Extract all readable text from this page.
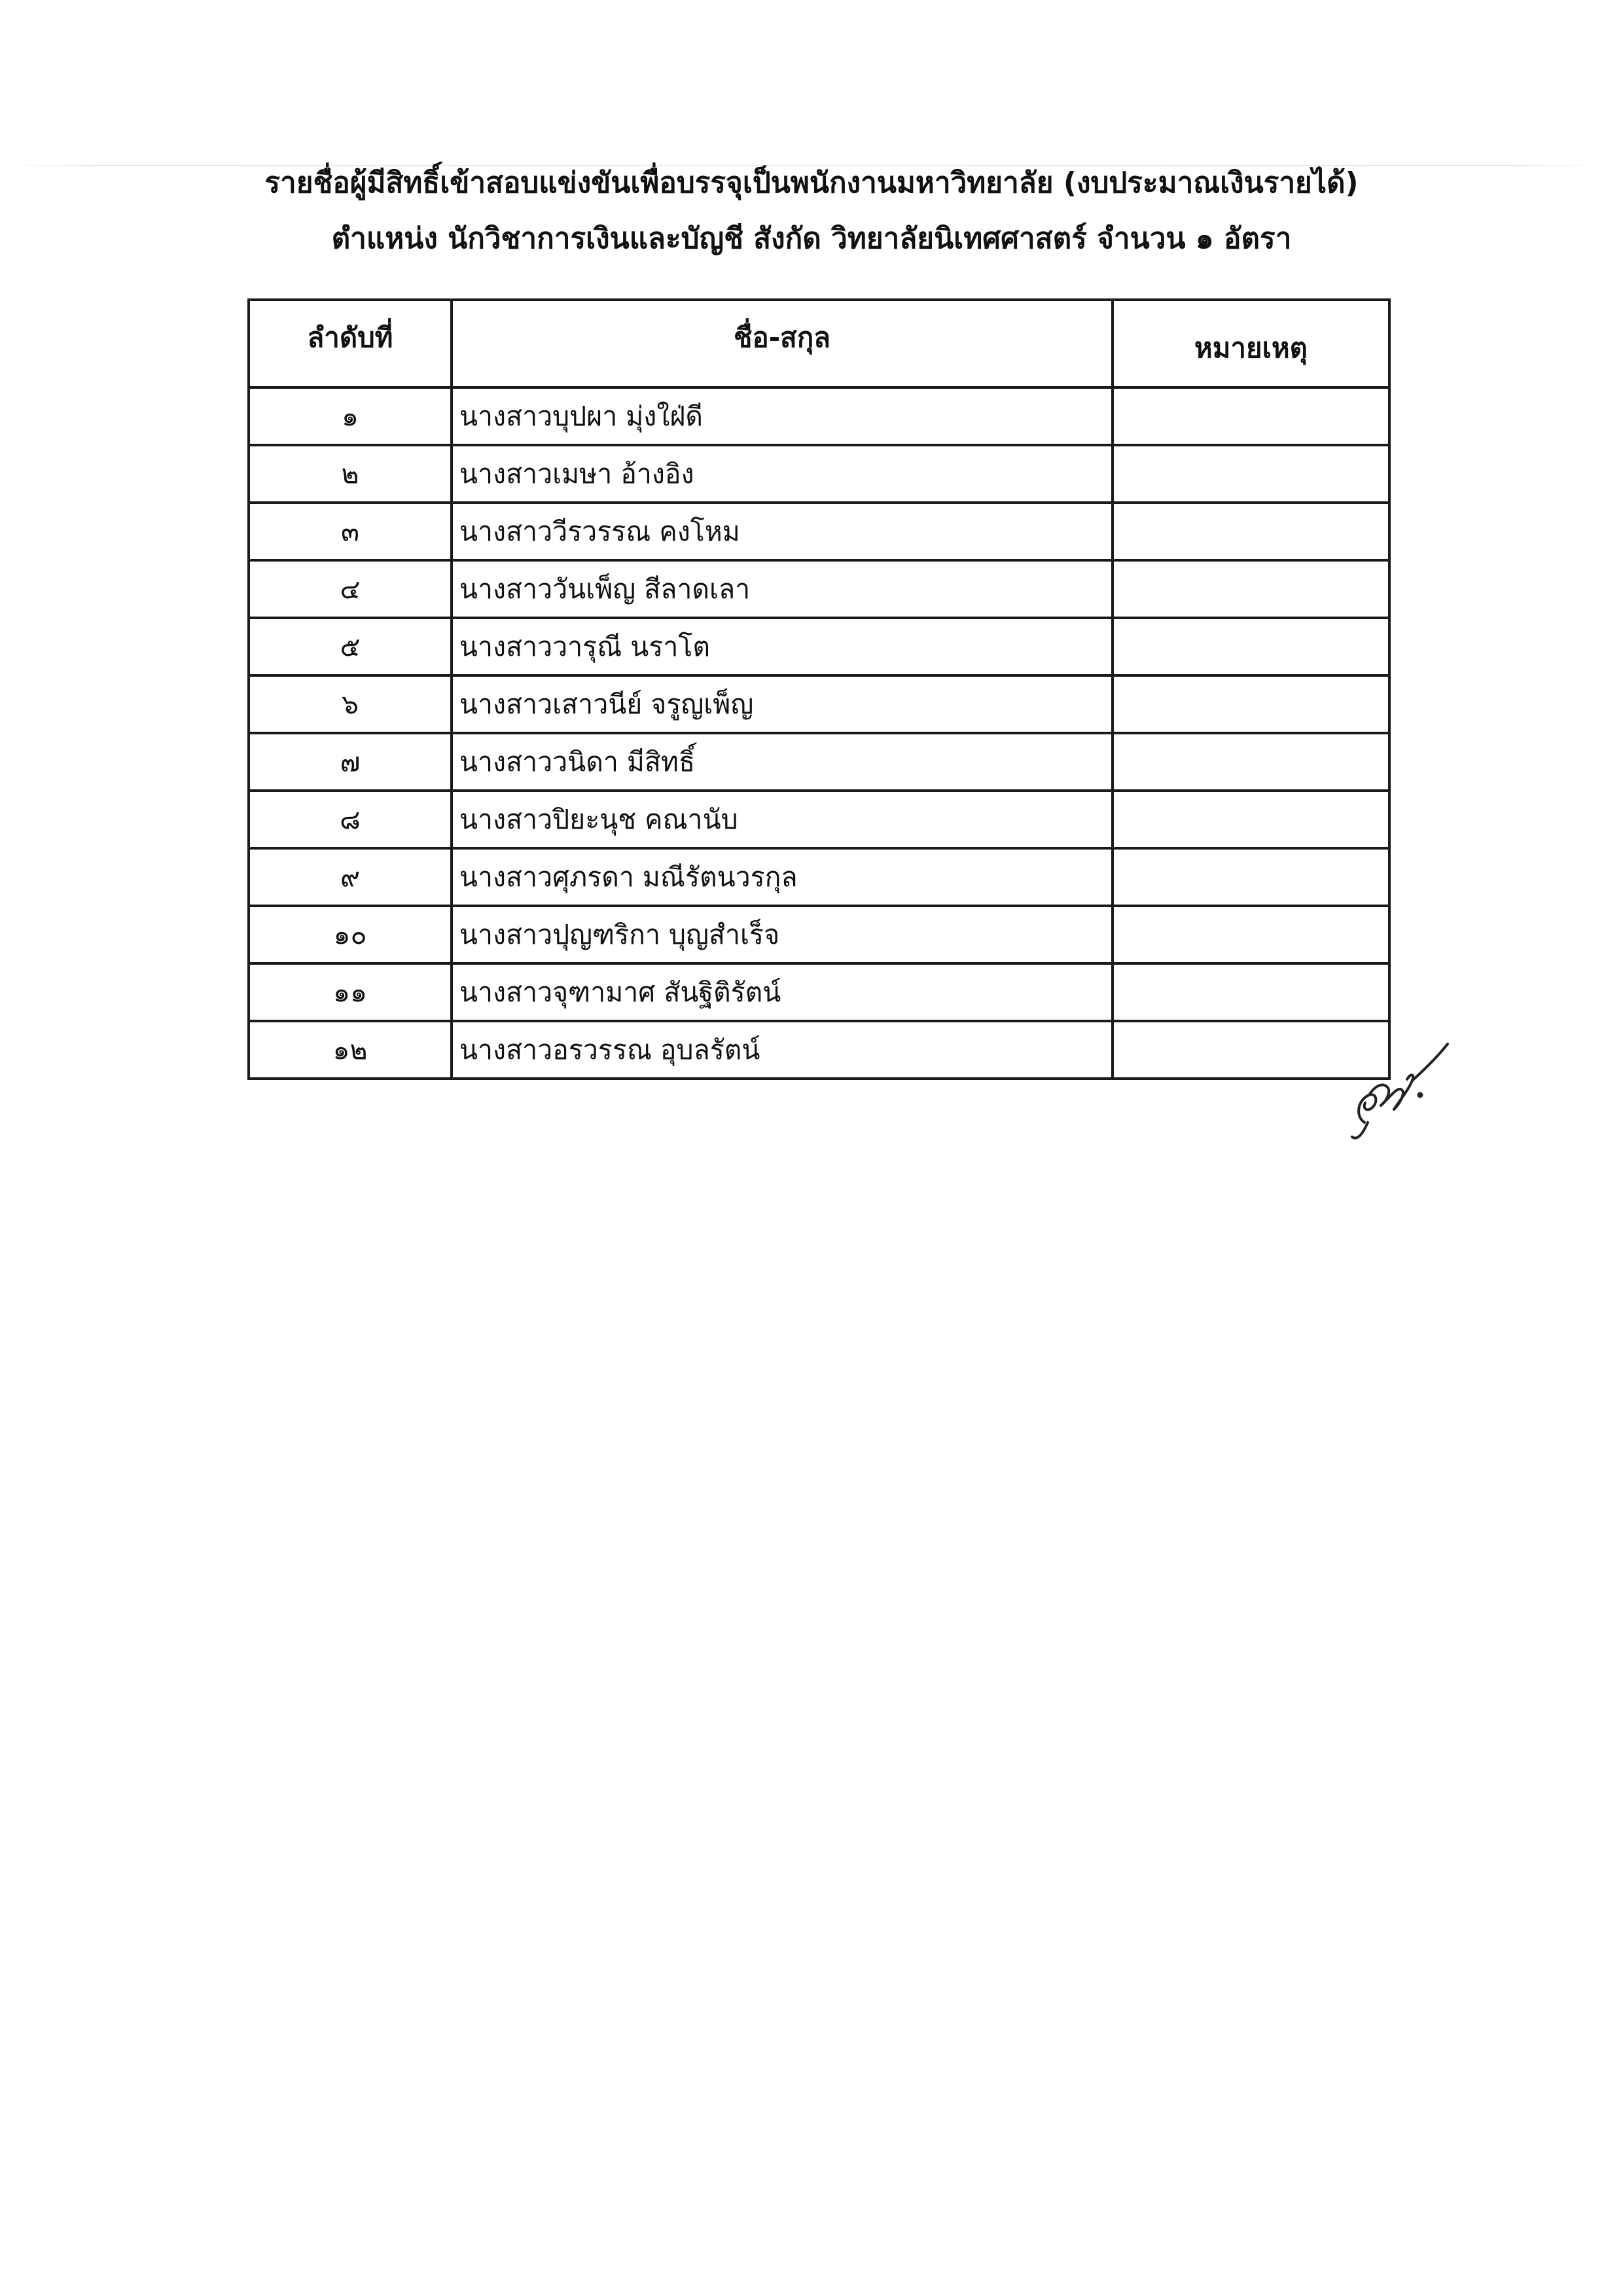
รายชื่อผู้มีสิทธิ์เข้าสอบแข่งขันเพื่อบรรจุเป็นพนักงานมหาวิทยาลัย (งบประมาณเงินรายได้)
ตำแหน่ง นักวิชาการเงินและบัญชี สังกัด วิทยาลัยนิเทศศาสตร์ จำนวน ๑ อัตรา
ลำดับที่	ชื่อ-สกุล	หมายเหตุ
๑	นางสาวบุปผา มุ่งใฝ่ดี	
๒	นางสาวเมษา อ้างอิง	
๓	นางสาววีรวรรณ คงโหม	
๔	นางสาววันเพ็ญ สีลาดเลา	
๕	นางสาววารุณี นราโต	
๖	นางสาวเสาวนีย์ จรูญเพ็ญ	
๗	นางสาววนิดา มีสิทธิ์	
๘	นางสาวปิยะนุช คณานับ	
๙	นางสาวศุภรดา มณีรัตนวรกุล	
๑๐	นางสาวปุญฑริกา บุญสำเร็จ	
๑๑	นางสาวจุฑามาศ สันฐิติรัตน์	
๑๒	นางสาวอรวรรณ อุบลรัตน์	
